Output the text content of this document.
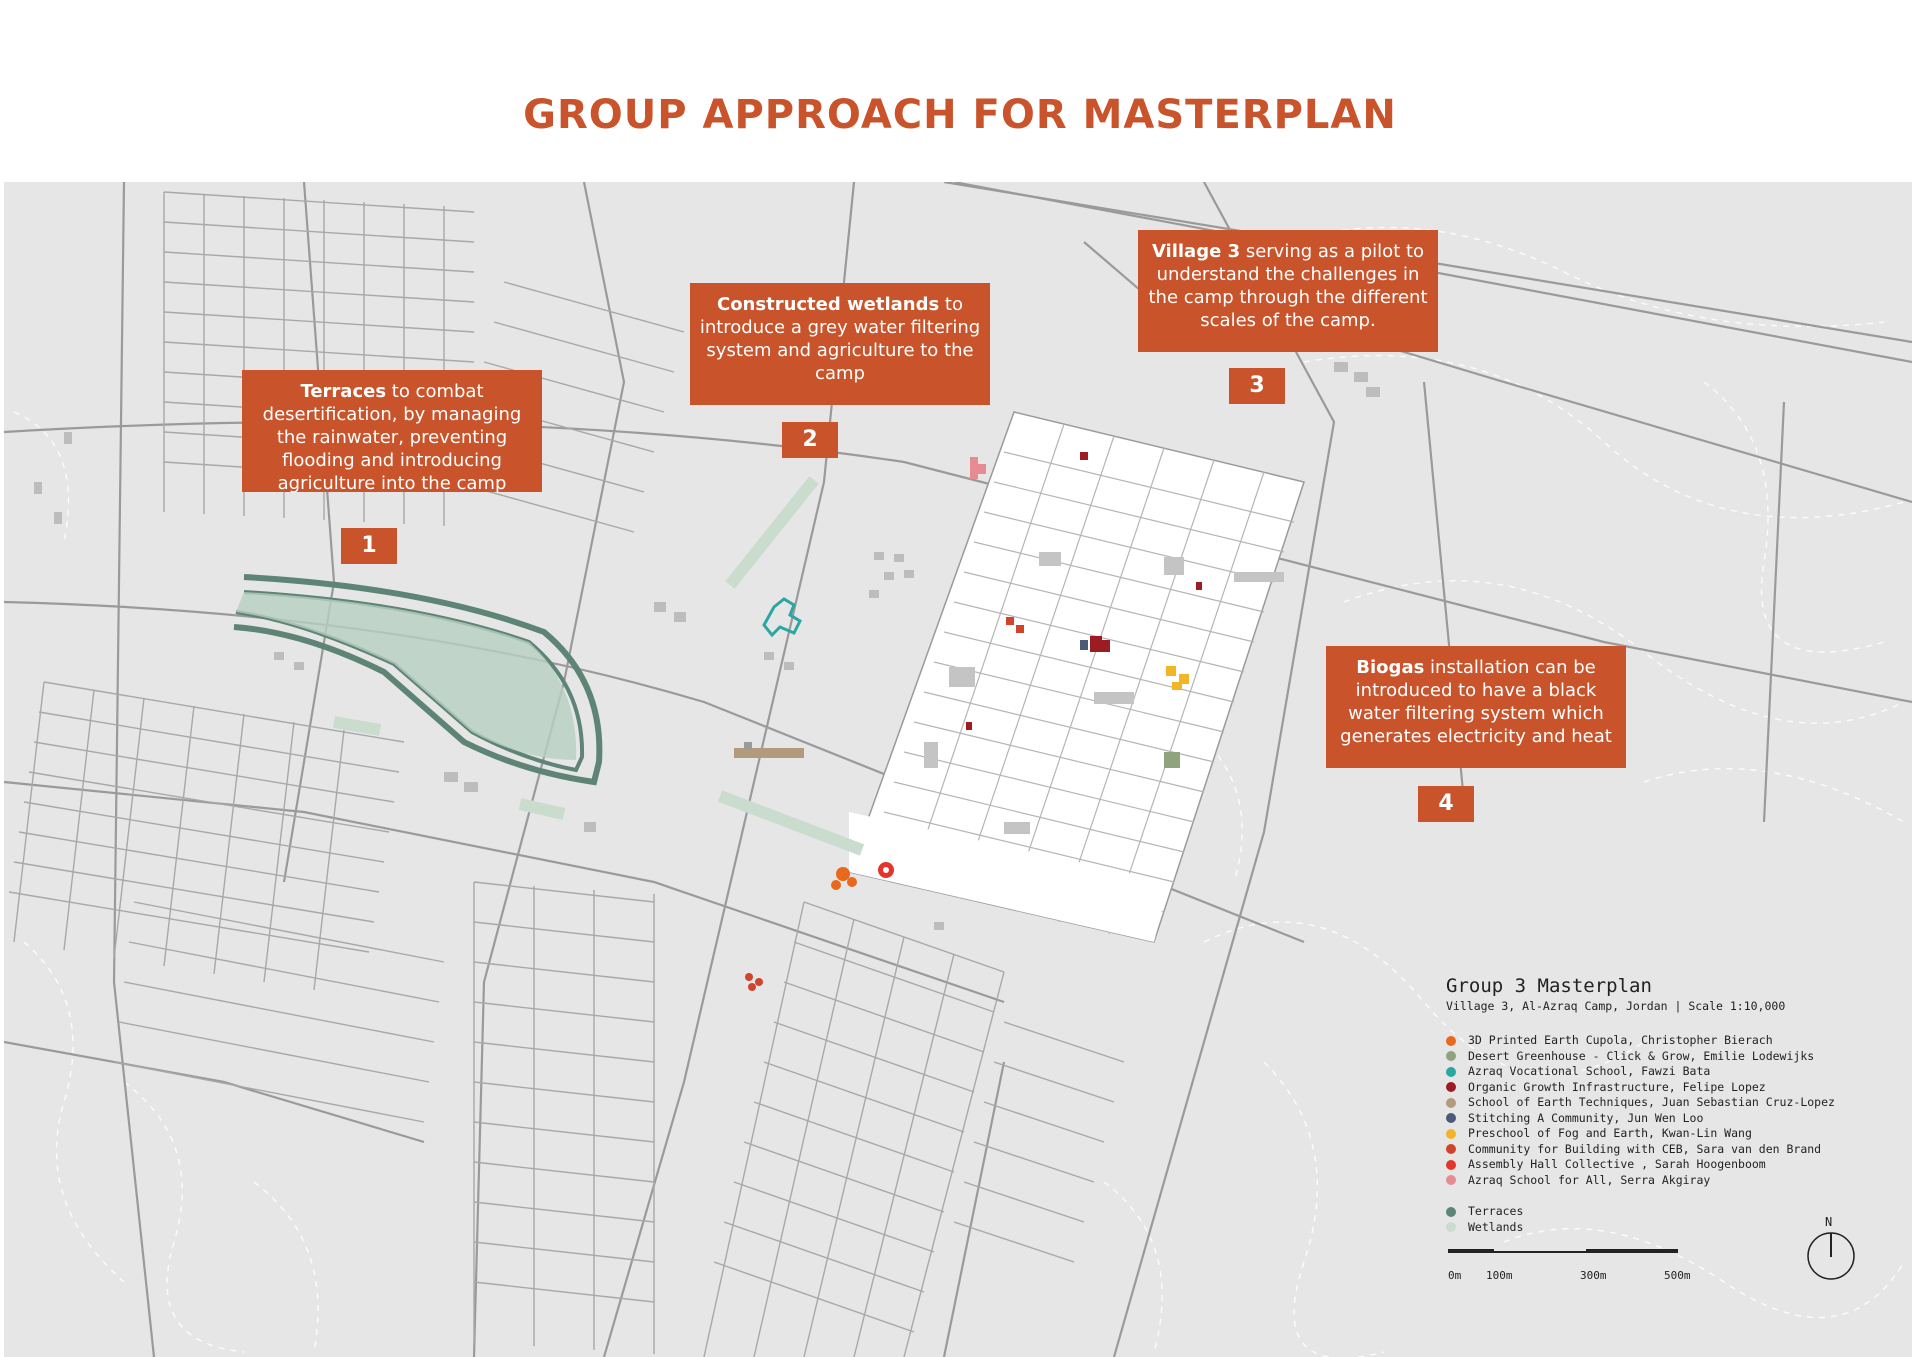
GROUP APPROACH FOR MASTERPLAN
Terraces to combat desertification, by managing the rainwater, preventing flooding and introducing agriculture into the camp
1
Constructed wetlands to introduce a grey water filtering system and agriculture to the camp
2
Village 3 serving as a pilot to understand the challenges in the camp through the different scales of the camp.
3
Biogas installation can be introduced to have a black water filtering system which generates electricity and heat
4
Group 3 Masterplan
Village 3, Al-Azraq Camp, Jordan | Scale 1:10,000
3D Printed Earth Cupola, Christopher Bierach
Desert Greenhouse - Click & Grow, Emilie Lodewijks
Azraq Vocational School, Fawzi Bata
Organic Growth Infrastructure, Felipe Lopez
School of Earth Techniques, Juan Sebastian Cruz-Lopez
Stitching A Community, Jun Wen Loo
Preschool of Fog and Earth, Kwan-Lin Wang
Community for Building with CEB, Sara van den Brand
Assembly Hall Collective , Sarah Hoogenboom
Azraq School for All, Serra Akgiray
Terraces
Wetlands
0m 100m	300m	500m
N
